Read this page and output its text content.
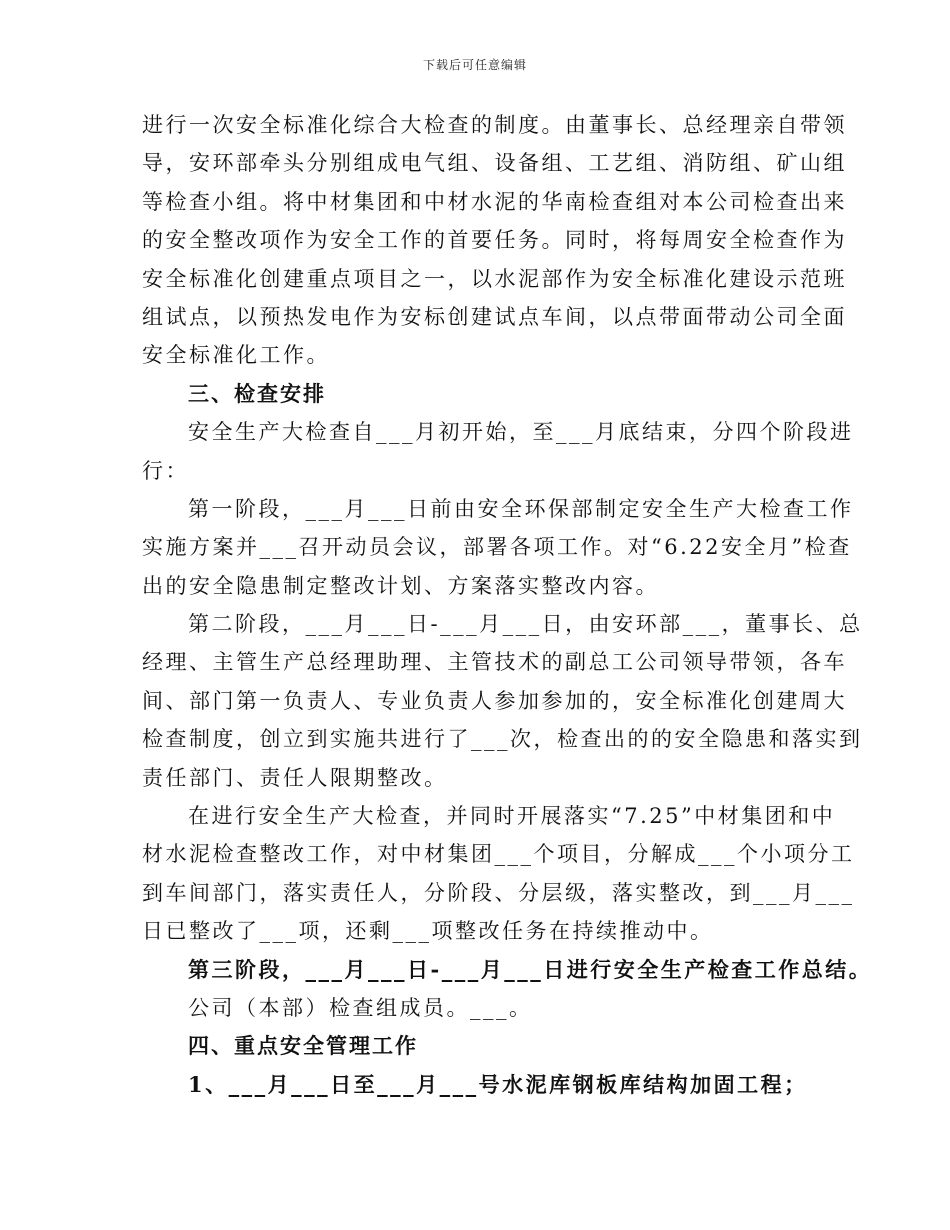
下载后可任意编辑
进行一次安全标准化综合大检查的制度。由董事长、总经理亲自带领
导，安环部牵头分别组成电气组、设备组、工艺组、消防组、矿山组
等检查小组。将中材集团和中材水泥的华南检查组对本公司检查出来
的安全整改项作为安全工作的首要任务。同时，将每周安全检查作为
安全标准化创建重点项目之一，以水泥部作为安全标准化建设示范班
组试点，以预热发电作为安标创建试点车间，以点带面带动公司全面
安全标准化工作。
三、检查安排
安全生产大检查自___月初开始，至___月底结束，分四个阶段进
行：
第一阶段，___月___日前由安全环保部制定安全生产大检查工作
实施方案并___召开动员会议，部署各项工作。对“6.22安全月”检查
出的安全隐患制定整改计划、方案落实整改内容。
第二阶段，___月___日-___月___日，由安环部___，董事长、总
经理、主管生产总经理助理、主管技术的副总工公司领导带领，各车
间、部门第一负责人、专业负责人参加参加的，安全标准化创建周大
检查制度，创立到实施共进行了___次，检查出的的安全隐患和落实到
责任部门、责任人限期整改。
在进行安全生产大检查，并同时开展落实“7.25”中材集团和中
材水泥检查整改工作，对中材集团___个项目，分解成___个小项分工
到车间部门，落实责任人，分阶段、分层级，落实整改，到___月___
日已整改了___项，还剩___项整改任务在持续推动中。
第三阶段，___月___日-___月___日进行安全生产检查工作总结。
公司（本部）检查组成员。___。
四、重点安全管理工作
1、___月___日至___月___号水泥库钢板库结构加固工程；
